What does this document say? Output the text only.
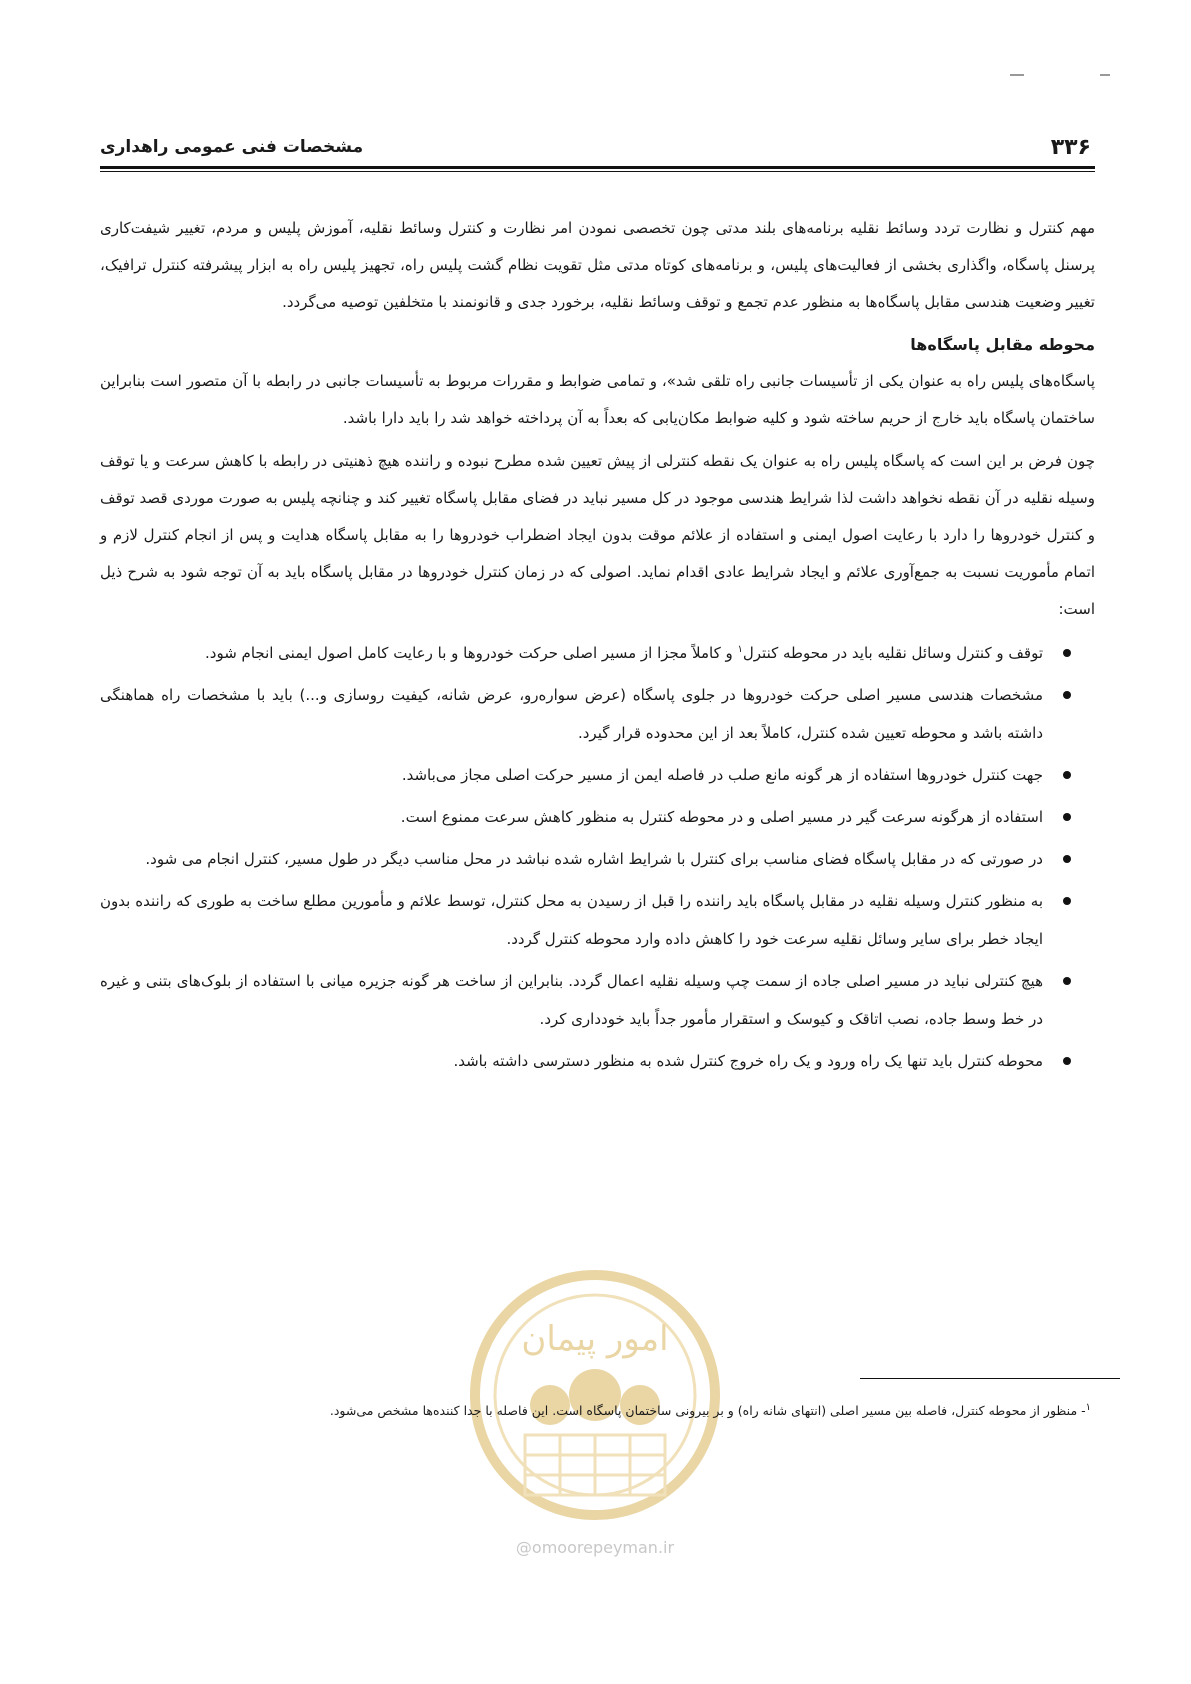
۳۳۶
مشخصات فنی عمومی راهداری

مهم کنترل و نظارت تردد وسائط نقلیه برنامه‌های بلند مدتی چون تخصصی نمودن امر نظارت و کنترل وسائط نقلیه، آموزش پلیس و مردم، تغییر شیفت‌کاری پرسنل پاسگاه، واگذاری بخشی از فعالیت‌های پلیس، و برنامه‌های کوتاه مدتی مثل تقویت نظام گشت پلیس راه، تجهیز پلیس راه به ابزار پیشرفته کنترل ترافیک، تغییر وضعیت هندسی مقابل پاسگاه‌ها به منظور عدم تجمع و توقف وسائط نقلیه، برخورد جدی و قانونمند با متخلفین توصیه می‌گردد.

محوطه مقابل پاسگاه‌ها

پاسگاه‌های پلیس راه به عنوان یکی از تأسیسات جانبی راه تلقی شد»، و تمامی ضوابط و مقررات مربوط به تأسیسات جانبی در رابطه با آن متصور است بنابراین ساختمان پاسگاه باید خارج از حریم ساخته شود و کلیه ضوابط مکان‌یابی که بعداً به آن پرداخته خواهد شد را باید دارا باشد.

چون فرض بر این است که پاسگاه پلیس راه به عنوان یک نقطه کنترلی از پیش تعیین شده مطرح نبوده و راننده هیچ ذهنیتی در رابطه با کاهش سرعت و یا توقف وسیله نقلیه در آن نقطه نخواهد داشت لذا شرایط هندسی موجود در کل مسیر نباید در فضای مقابل پاسگاه تغییر کند و چنانچه پلیس به صورت موردی قصد توقف و کنترل خودروها را دارد با رعایت اصول ایمنی و استفاده از علائم موقت بدون ایجاد اضطراب خودروها را به مقابل پاسگاه هدایت و پس از انجام کنترل لازم و اتمام مأموریت نسبت به جمع‌آوری علائم و ایجاد شرایط عادی اقدام نماید. اصولی که در زمان کنترل خودروها در مقابل پاسگاه باید به آن توجه شود به شرح ذیل است:

توقف و کنترل وسائل نقلیه باید در محوطه کنترل$^۱$ و کاملاً مجزا از مسیر اصلی حرکت خودروها و با رعایت کامل اصول ایمنی انجام شود.
مشخصات هندسی مسیر اصلی حرکت خودروها در جلوی پاسگاه (عرض سواره‌رو، عرض شانه، کیفیت روسازی و...) باید با مشخصات راه هماهنگی داشته باشد و محوطه تعیین شده کنترل، کاملاً بعد از این محدوده قرار گیرد.
جهت کنترل خودروها استفاده از هر گونه مانع صلب در فاصله ایمن از مسیر حرکت اصلی مجاز می‌باشد.
استفاده از هرگونه سرعت گیر در مسیر اصلی و در محوطه کنترل به منظور کاهش سرعت ممنوع است.
در صورتی که در مقابل پاسگاه فضای مناسب برای کنترل با شرایط اشاره شده نباشد در محل مناسب دیگر در طول مسیر، کنترل انجام می شود.
به منظور کنترل وسیله نقلیه در مقابل پاسگاه باید راننده را قبل از رسیدن به محل کنترل، توسط علائم و مأمورین مطلع ساخت به طوری که راننده بدون ایجاد خطر برای سایر وسائل نقلیه سرعت خود را کاهش داده وارد محوطه کنترل گردد.
هیچ کنترلی نباید در مسیر اصلی جاده از سمت چپ وسیله نقلیه اعمال گردد. بنابراین از ساخت هر گونه جزیره میانی با استفاده از بلوک‌های بتنی و غیره در خط وسط جاده، نصب اتاقک و کیوسک و استقرار مأمور جداً باید خودداری کرد.
محوطه کنترل باید تنها یک راه ورود و یک راه خروج کنترل شده به منظور دسترسی داشته باشد.
امور پیمان
$^۱$- منظور از محوطه کنترل، فاصله بین مسیر اصلی (انتهای شانه راه) و بر بیرونی ساختمان پاسگاه است. این فاصله با جدا کننده‌ها مشخص می‌شود.
@omoorepeyman.ir
